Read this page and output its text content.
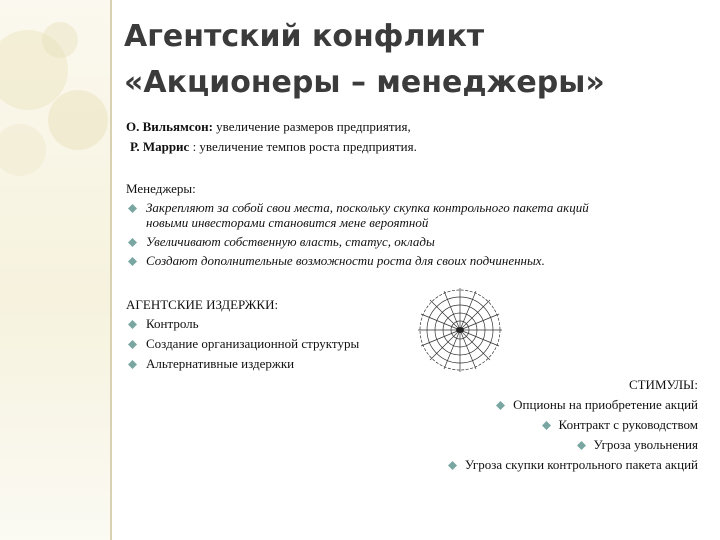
Агентский конфликт
«Акционеры – менеджеры»
О. Вильямсон: увеличение размеров предприятия,
Р. Маррис : увеличение темпов роста предприятия.
Менеджеры:
Закрепляют за собой свои места, поскольку скупка контрольного пакета акций
новыми инвесторами становится мене вероятной
Увеличивают собственную власть, статус, оклады
Создают дополнительные возможности роста для своих подчиненных.
АГЕНТСКИЕ ИЗДЕРЖКИ:
Контроль
Создание организационной структуры
Альтернативные издержки
СТИМУЛЫ:
Опционы на приобретение акций
Контракт с руководством
Угроза увольнения
Угроза скупки контрольного пакета акций
